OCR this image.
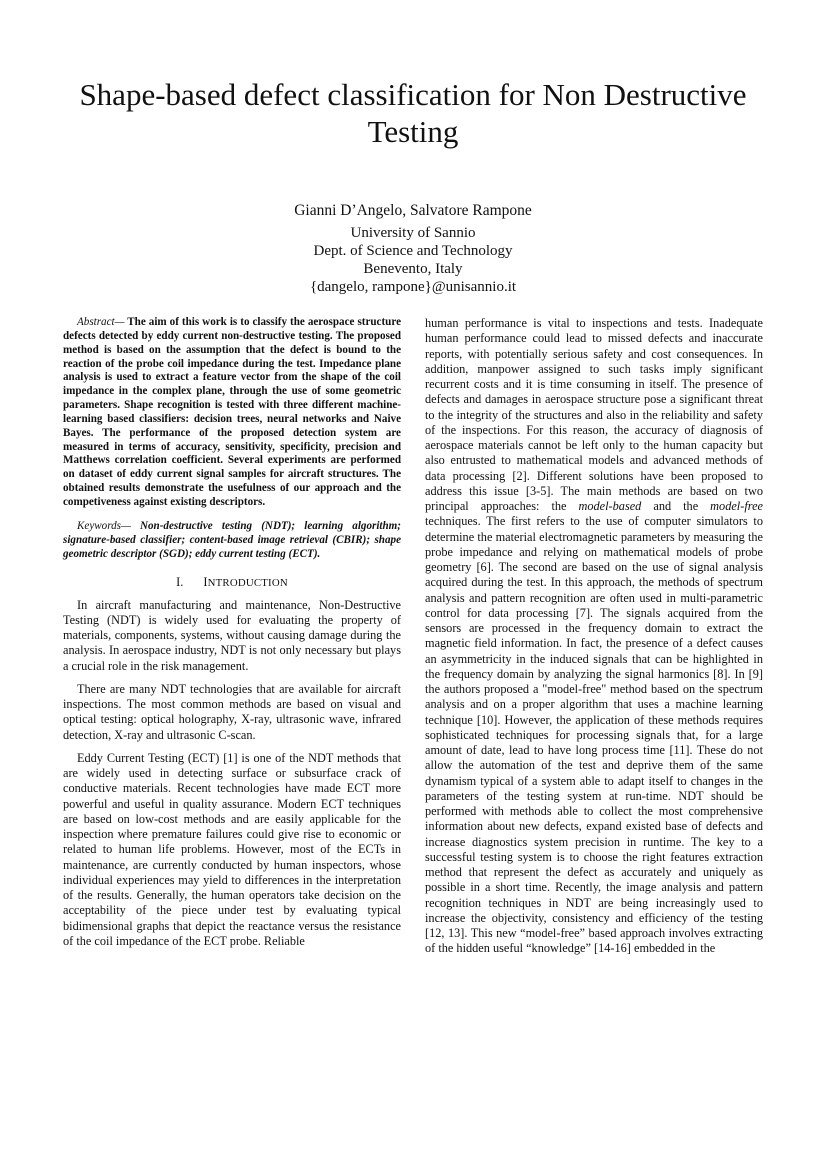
Shape-based defect classification for Non Destructive Testing
Gianni D’Angelo, Salvatore Rampone
University of Sannio
Dept. of Science and Technology
Benevento, Italy
{dangelo, rampone}@unisannio.it

Abstract— The aim of this work is to classify the aerospace structure defects detected by eddy current non-destructive testing. The proposed method is based on the assumption that the defect is bound to the reaction of the probe coil impedance during the test. Impedance plane analysis is used to extract a feature vector from the shape of the coil impedance in the complex plane, through the use of some geometric parameters. Shape recognition is tested with three different machine-learning based classifiers: decision trees, neural networks and Naive Bayes. The performance of the proposed detection system are measured in terms of accuracy, sensitivity, specificity, precision and Matthews correlation coefficient. Several experiments are performed on dataset of eddy current signal samples for aircraft structures. The obtained results demonstrate the usefulness of our approach and the competiveness against existing descriptors.

Keywords— Non-destructive testing (NDT); learning algorithm; signature-based classifier; content-based image retrieval (CBIR); shape geometric descriptor (SGD); eddy current testing (ECT).

I. INTRODUCTION

In aircraft manufacturing and maintenance, Non-Destructive Testing (NDT) is widely used for evaluating the property of materials, components, systems, without causing damage during the analysis. In aerospace industry, NDT is not only necessary but plays a crucial role in the risk management.

There are many NDT technologies that are available for aircraft inspections. The most common methods are based on visual and optical testing: optical holography, X-ray, ultrasonic wave, infrared detection, X-ray and ultrasonic C-scan.

Eddy Current Testing (ECT) [1] is one of the NDT methods that are widely used in detecting surface or subsurface crack of conductive materials. Recent technologies have made ECT more powerful and useful in quality assurance. Modern ECT techniques are based on low-cost methods and are easily applicable for the inspection where premature failures could give rise to economic or related to human life problems. However, most of the ECTs in maintenance, are currently conducted by human inspectors, whose individual experiences may yield to differences in the interpretation of the results. Generally, the human operators take decision on the acceptability of the piece under test by evaluating typical bidimensional graphs that depict the reactance versus the resistance of the coil impedance of the ECT probe. Reliable

human performance is vital to inspections and tests. Inadequate human performance could lead to missed defects and inaccurate reports, with potentially serious safety and cost consequences. In addition, manpower assigned to such tasks imply significant recurrent costs and it is time consuming in itself. The presence of defects and damages in aerospace structure pose a significant threat to the integrity of the structures and also in the reliability and safety of the inspections. For this reason, the accuracy of diagnosis of aerospace materials cannot be left only to the human capacity but also entrusted to mathematical models and advanced methods of data processing [2]. Different solutions have been proposed to address this issue [3-5]. The main methods are based on two principal approaches: the model-based and the model-free techniques. The first refers to the use of computer simulators to determine the material electromagnetic parameters by measuring the probe impedance and relying on mathematical models of probe geometry [6]. The second are based on the use of signal analysis acquired during the test. In this approach, the methods of spectrum analysis and pattern recognition are often used in multi-parametric control for data processing [7]. The signals acquired from the sensors are processed in the frequency domain to extract the magnetic field information. In fact, the presence of a defect causes an asymmetricity in the induced signals that can be highlighted in the frequency domain by analyzing the signal harmonics [8]. In [9] the authors proposed a "model-free" method based on the spectrum analysis and on a proper algorithm that uses a machine learning technique [10]. However, the application of these methods requires sophisticated techniques for processing signals that, for a large amount of date, lead to have long process time [11]. These do not allow the automation of the test and deprive them of the same dynamism typical of a system able to adapt itself to changes in the parameters of the testing system at run-time. NDT should be performed with methods able to collect the most comprehensive information about new defects, expand existed base of defects and increase diagnostics system precision in runtime. The key to a successful testing system is to choose the right features extraction method that represent the defect as accurately and uniquely as possible in a short time. Recently, the image analysis and pattern recognition techniques in NDT are being increasingly used to increase the objectivity, consistency and efficiency of the testing [12, 13]. This new “model-free” based approach involves extracting of the hidden useful “knowledge” [14-16] embedded in the
